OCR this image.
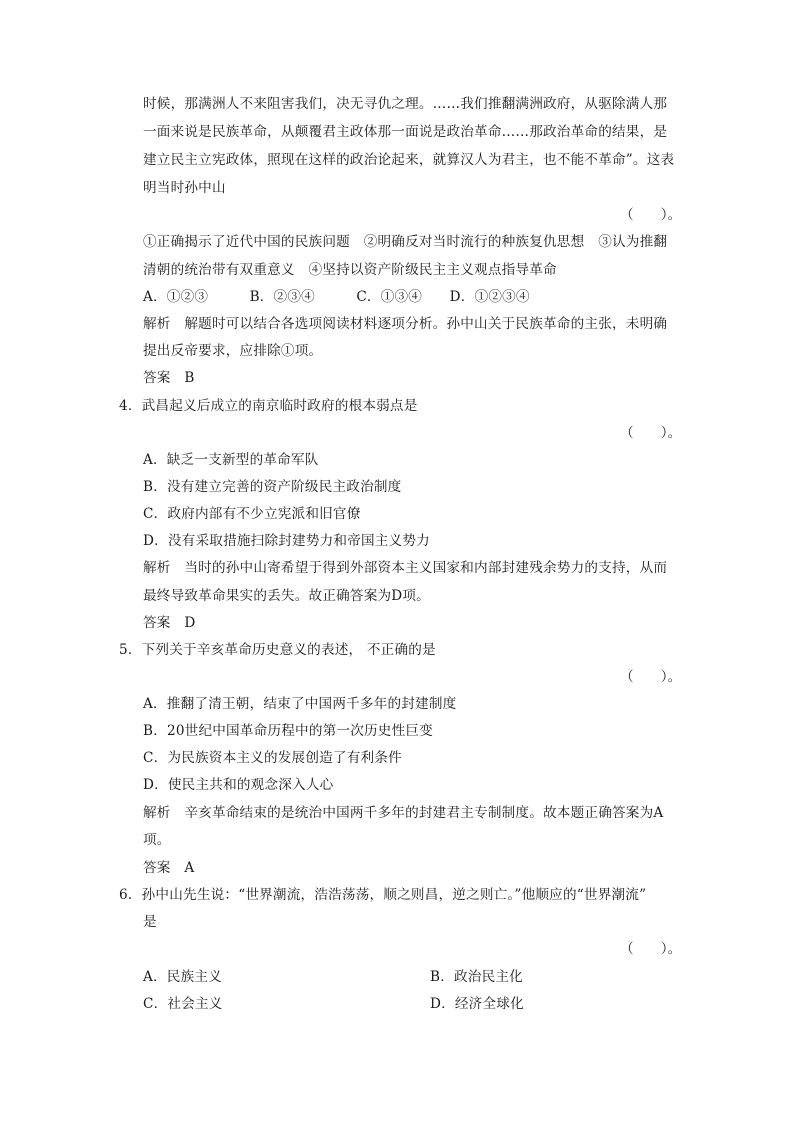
时候，那满洲人不来阻害我们，决无寻仇之理。……我们推翻满洲政府，从驱除满人那
一面来说是民族革命，从颠覆君主政体那一面说是政治革命……那政治革命的结果，是
建立民主立宪政体，照现在这样的政治论起来，就算汉人为君主，也不能不革命”。这表
明当时孙中山
（　　）。
①正确揭示了近代中国的民族问题　②明确反对当时流行的种族复仇思想　③认为推翻
清朝的统治带有双重意义　④坚持以资产阶级民主主义观点指导革命
A．①②③　　　B．②③④　　　C．①③④　　D．①②③④
解析　解题时可以结合各选项阅读材料逐项分析。孙中山关于民族革命的主张，未明确
提出反帝要求，应排除①项。
答案　B
4．武昌起义后成立的南京临时政府的根本弱点是
（　　）。
A．缺乏一支新型的革命军队
B．没有建立完善的资产阶级民主政治制度
C．政府内部有不少立宪派和旧官僚
D．没有采取措施扫除封建势力和帝国主义势力
解析　当时的孙中山寄希望于得到外部资本主义国家和内部封建残余势力的支持，从而
最终导致革命果实的丢失。故正确答案为D项。
答案　D
5．下列关于辛亥革命历史意义的表述， 不正确的是
（　　）。
A．推翻了清王朝，结束了中国两千多年的封建制度
B．20世纪中国革命历程中的第一次历史性巨变
C．为民族资本主义的发展创造了有利条件
D．使民主共和的观念深入人心
解析　辛亥革命结束的是统治中国两千多年的封建君主专制制度。故本题正确答案为A
项。
答案　A
6．孙中山先生说：“世界潮流，浩浩荡荡，顺之则昌，逆之则亡。”他顺应的“世界潮流”
是
（　　）。
A．民族主义	B．政治民主化
C．社会主义	D．经济全球化
